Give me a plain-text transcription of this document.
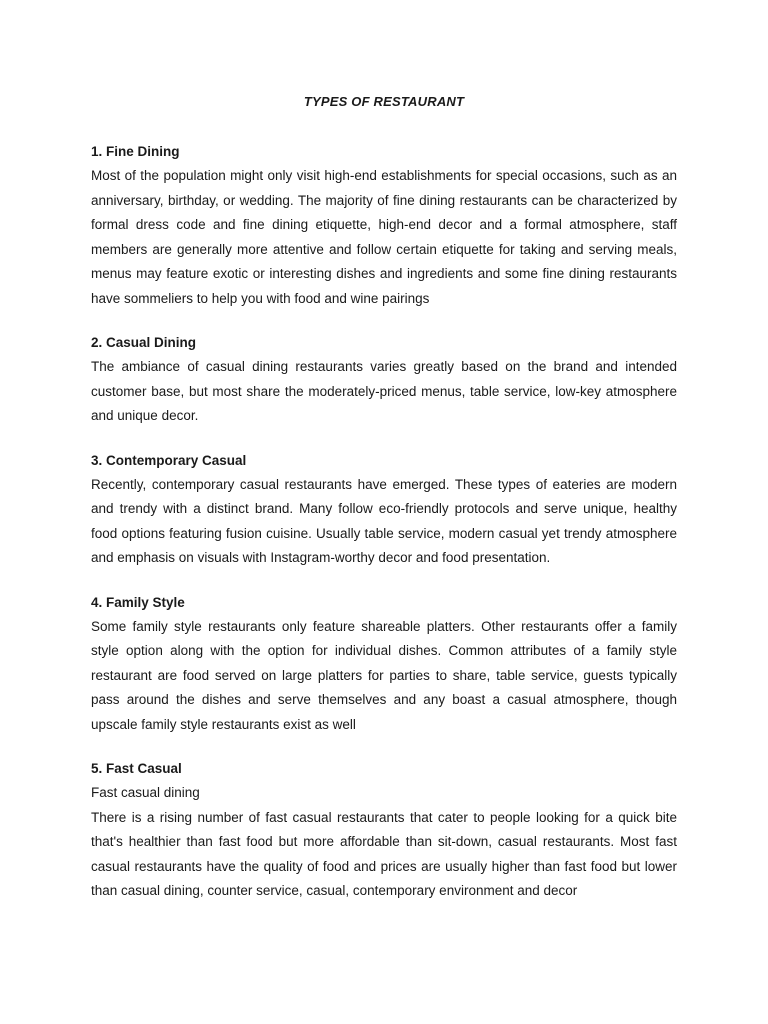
TYPES OF RESTAURANT
1. Fine Dining

Most of the population might only visit high-end establishments for special occasions, such as an anniversary, birthday, or wedding. The majority of fine dining restaurants can be characterized by formal dress code and fine dining etiquette, high-end decor and a formal atmosphere, staff members are generally more attentive and follow certain etiquette for taking and serving meals, menus may feature exotic or interesting dishes and ingredients and some fine dining restaurants have sommeliers to help you with food and wine pairings

2. Casual Dining

The ambiance of casual dining restaurants varies greatly based on the brand and intended customer base, but most share the moderately-priced menus, table service, low-key atmosphere and unique decor.

3. Contemporary Casual

Recently, contemporary casual restaurants have emerged. These types of eateries are modern and trendy with a distinct brand. Many follow eco-friendly protocols and serve unique, healthy food options featuring fusion cuisine. Usually table service, modern casual yet trendy atmosphere and emphasis on visuals with Instagram-worthy decor and food presentation.

4. Family Style

Some family style restaurants only feature shareable platters. Other restaurants offer a family style option along with the option for individual dishes. Common attributes of a family style restaurant are food served on large platters for parties to share, table service, guests typically pass around the dishes and serve themselves and any boast a casual atmosphere, though upscale family style restaurants exist as well

5. Fast Casual
Fast casual dining

There is a rising number of fast casual restaurants that cater to people looking for a quick bite that's healthier than fast food but more affordable than sit-down, casual restaurants. Most fast casual restaurants have the quality of food and prices are usually higher than fast food but lower than casual dining, counter service, casual, contemporary environment and decor
